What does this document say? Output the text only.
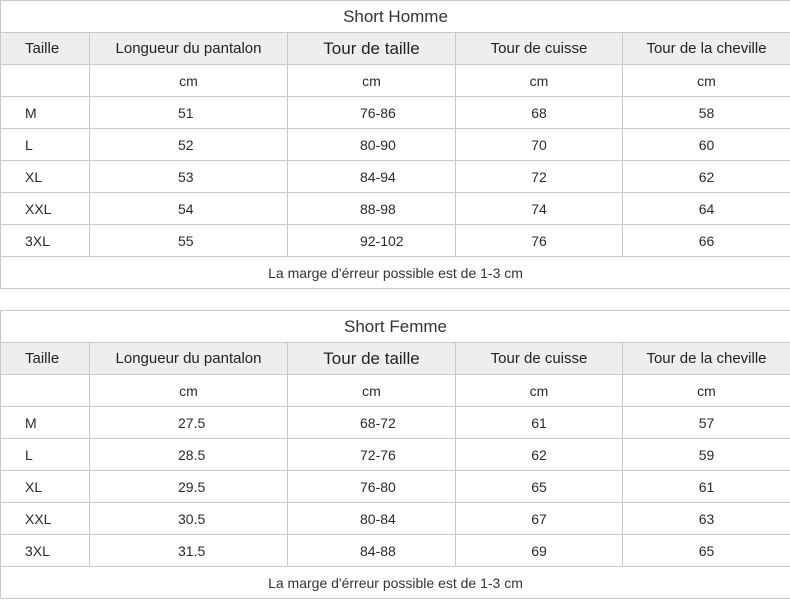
Short Homme				
Taille	Longueur du pantalon	Tour de taille	Tour de cuisse	Tour de la cheville
	cm	cm	cm	cm
M	51	76-86	68	58
L	52	80-90	70	60
XL	53	84-94	72	62
XXL	54	88-98	74	64
3XL	55	92-102	76	66
La marge d'érreur possible est de 1-3 cm				
Short Femme				
Taille	Longueur du pantalon	Tour de taille	Tour de cuisse	Tour de la cheville
	cm	cm	cm	cm
M	27.5	68-72	61	57
L	28.5	72-76	62	59
XL	29.5	76-80	65	61
XXL	30.5	80-84	67	63
3XL	31.5	84-88	69	65
La marge d'érreur possible est de 1-3 cm				
